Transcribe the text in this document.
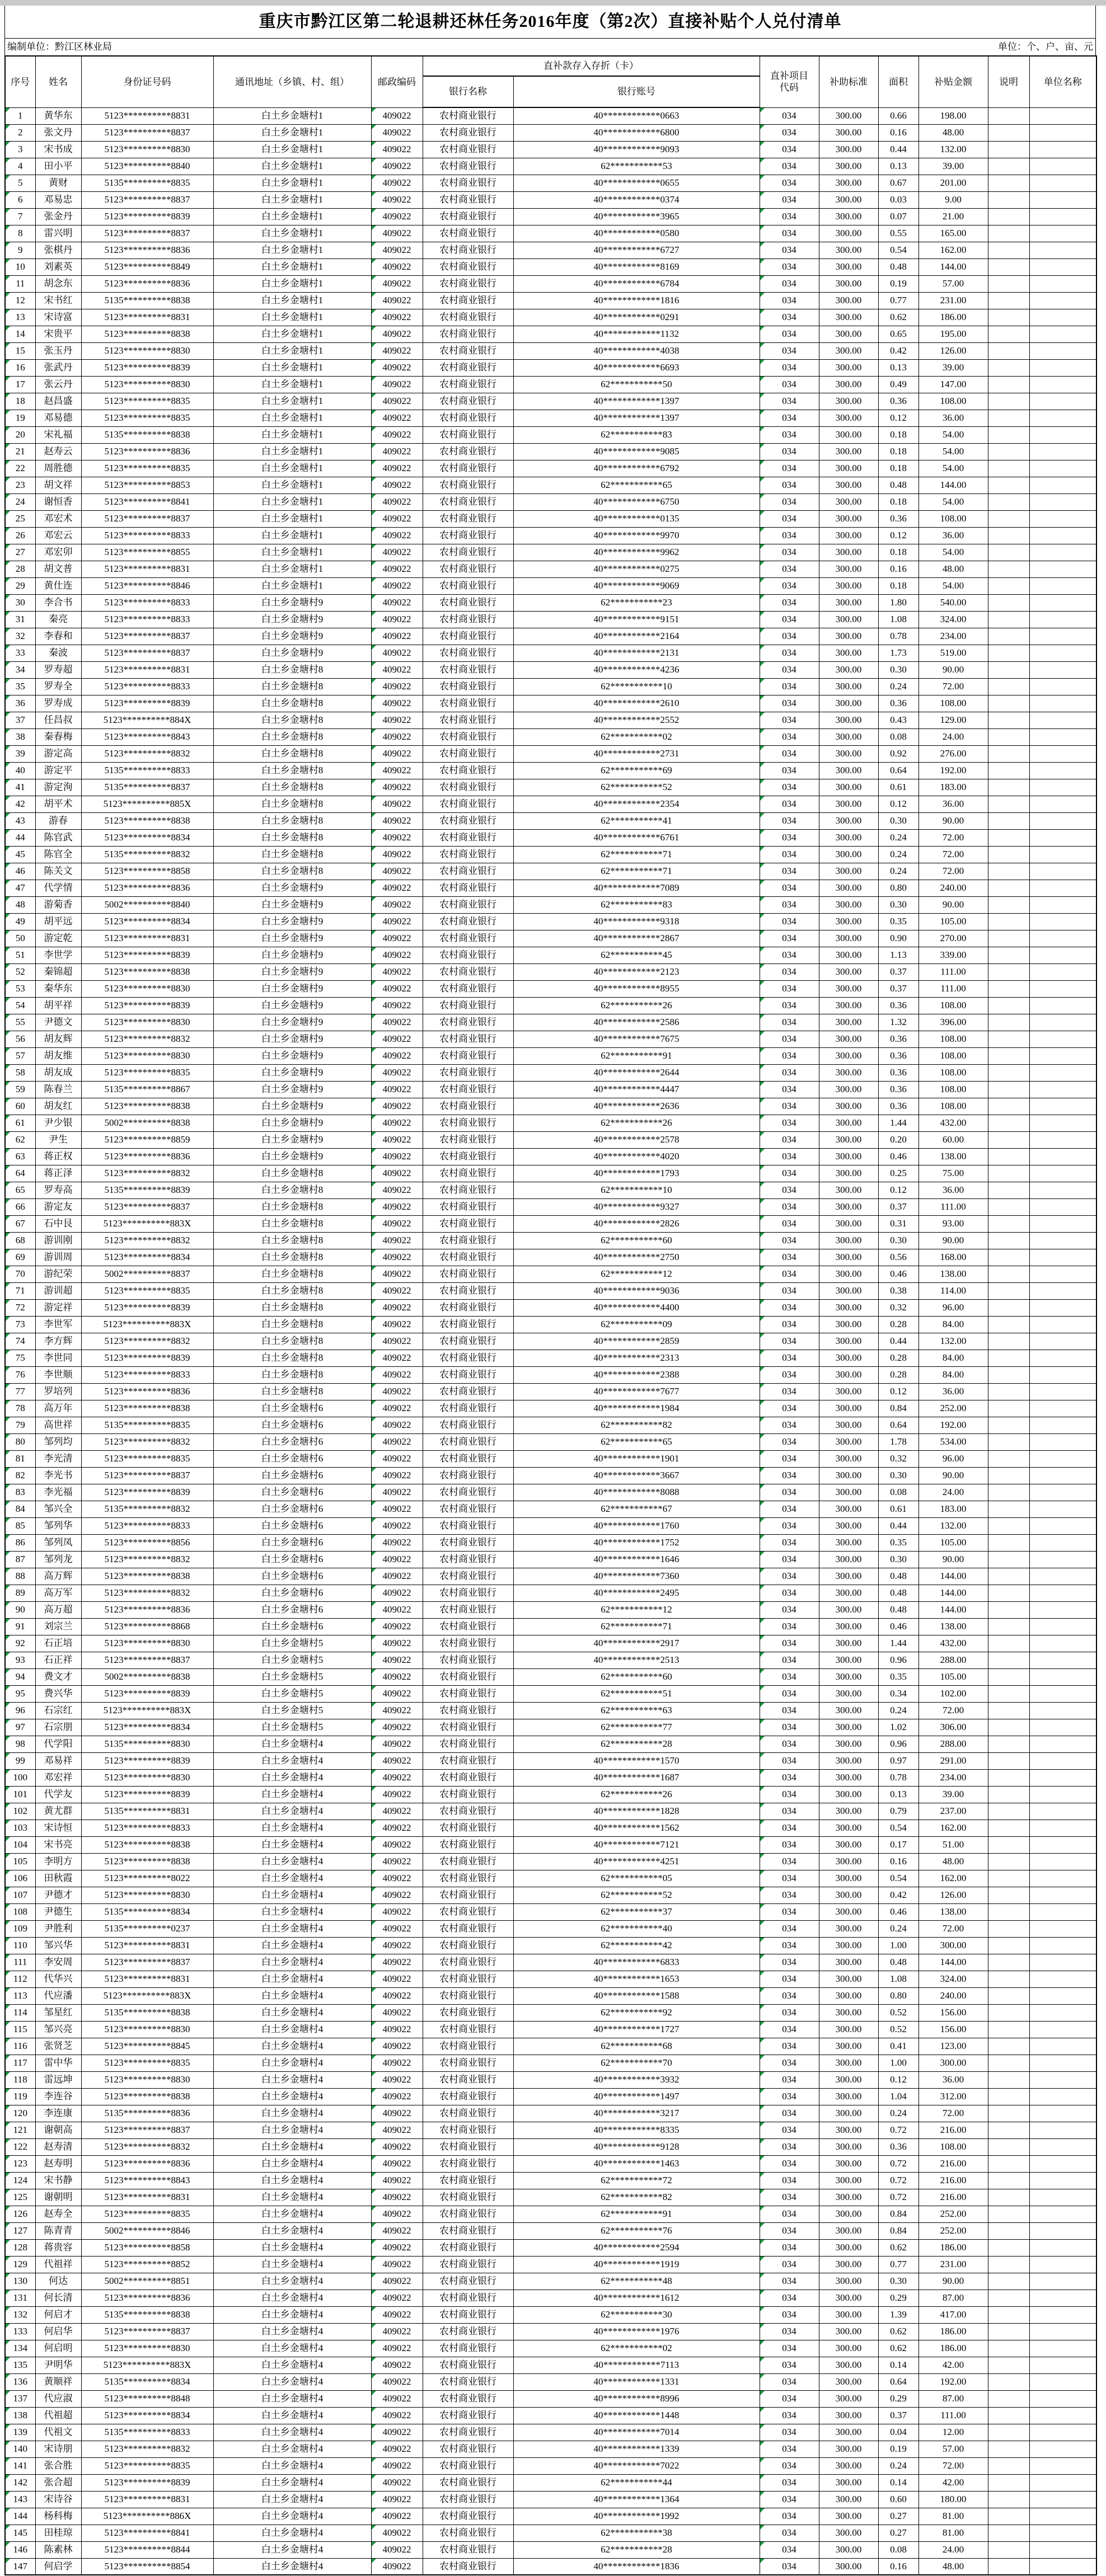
重庆市黔江区第二轮退耕还林任务2016年度（第2次）直接补贴个人兑付清单
编制单位：黔江区林业局	单位：个、户、亩、元
序号	姓名	身份证号码	通讯地址（乡镇、村、组）	邮政编码	直补款存入存折（卡）		直补项目代码	补助标准	面积	补贴金额	说明	单位名称
					银行名称	银行账号						
1	黄华东	5123**********8831	白土乡金塘村1	409022	农村商业银行	40************0663	034	300.00	0.66	198.00		
2	张文丹	5123**********8837	白土乡金塘村1	409022	农村商业银行	40************6800	034	300.00	0.16	48.00		
3	宋书成	5123**********8830	白土乡金塘村1	409022	农村商业银行	40************9093	034	300.00	0.44	132.00		
4	田小平	5123**********8840	白土乡金塘村1	409022	农村商业银行	62***********53	034	300.00	0.13	39.00		
5	黄财	5135**********8835	白土乡金塘村1	409022	农村商业银行	40************0655	034	300.00	0.67	201.00		
6	邓易忠	5123**********8837	白土乡金塘村1	409022	农村商业银行	40************0374	034	300.00	0.03	9.00		
7	张金丹	5123**********8839	白土乡金塘村1	409022	农村商业银行	40************3965	034	300.00	0.07	21.00		
8	雷兴明	5123**********8837	白土乡金塘村1	409022	农村商业银行	40************0580	034	300.00	0.55	165.00		
9	张棋丹	5123**********8836	白土乡金塘村1	409022	农村商业银行	40************6727	034	300.00	0.54	162.00		
10	刘素英	5123**********8849	白土乡金塘村1	409022	农村商业银行	40************8169	034	300.00	0.48	144.00		
11	胡念东	5123**********8836	白土乡金塘村1	409022	农村商业银行	40************6784	034	300.00	0.19	57.00		
12	宋书红	5135**********8838	白土乡金塘村1	409022	农村商业银行	40************1816	034	300.00	0.77	231.00		
13	宋诗富	5123**********8831	白土乡金塘村1	409022	农村商业银行	40************0291	034	300.00	0.62	186.00		
14	宋贵平	5123**********8838	白土乡金塘村1	409022	农村商业银行	40************1132	034	300.00	0.65	195.00		
15	张玉丹	5123**********8830	白土乡金塘村1	409022	农村商业银行	40************4038	034	300.00	0.42	126.00		
16	张武丹	5123**********8839	白土乡金塘村1	409022	农村商业银行	40************6693	034	300.00	0.13	39.00		
17	张云丹	5123**********8830	白土乡金塘村1	409022	农村商业银行	62***********50	034	300.00	0.49	147.00		
18	赵昌盛	5123**********8835	白土乡金塘村1	409022	农村商业银行	40************1397	034	300.00	0.36	108.00		
19	邓易德	5123**********8835	白土乡金塘村1	409022	农村商业银行	40************1397	034	300.00	0.12	36.00		
20	宋礼福	5135**********8838	白土乡金塘村1	409022	农村商业银行	62***********83	034	300.00	0.18	54.00		
21	赵寿云	5123**********8836	白土乡金塘村1	409022	农村商业银行	40************9085	034	300.00	0.18	54.00		
22	周胜德	5123**********8835	白土乡金塘村1	409022	农村商业银行	40************6792	034	300.00	0.18	54.00		
23	胡文祥	5123**********8853	白土乡金塘村1	409022	农村商业银行	62***********65	034	300.00	0.48	144.00		
24	谢恒香	5123**********8841	白土乡金塘村1	409022	农村商业银行	40************6750	034	300.00	0.18	54.00		
25	邓宏术	5123**********8837	白土乡金塘村1	409022	农村商业银行	40************0135	034	300.00	0.36	108.00		
26	邓宏云	5123**********8833	白土乡金塘村1	409022	农村商业银行	40************9970	034	300.00	0.12	36.00		
27	邓宏卯	5123**********8855	白土乡金塘村1	409022	农村商业银行	40************9962	034	300.00	0.18	54.00		
28	胡文普	5123**********8831	白土乡金塘村1	409022	农村商业银行	40************0275	034	300.00	0.16	48.00		
29	黄仕连	5123**********8846	白土乡金塘村1	409022	农村商业银行	40************9069	034	300.00	0.18	54.00		
30	李合书	5123**********8833	白土乡金塘村9	409022	农村商业银行	62***********23	034	300.00	1.80	540.00		
31	秦亮	5123**********8833	白土乡金塘村9	409022	农村商业银行	40************9151	034	300.00	1.08	324.00		
32	李春和	5123**********8837	白土乡金塘村9	409022	农村商业银行	40************2164	034	300.00	0.78	234.00		
33	秦波	5123**********8837	白土乡金塘村9	409022	农村商业银行	40************2131	034	300.00	1.73	519.00		
34	罗寿超	5123**********8831	白土乡金塘村8	409022	农村商业银行	40************4236	034	300.00	0.30	90.00		
35	罗寿全	5123**********8833	白土乡金塘村8	409022	农村商业银行	62***********10	034	300.00	0.24	72.00		
36	罗寿成	5123**********8839	白土乡金塘村8	409022	农村商业银行	40************2610	034	300.00	0.36	108.00		
37	任昌叔	5123**********884X	白土乡金塘村8	409022	农村商业银行	40************2552	034	300.00	0.43	129.00		
38	秦春梅	5123**********8843	白土乡金塘村8	409022	农村商业银行	62***********02	034	300.00	0.08	24.00		
39	游定高	5123**********8832	白土乡金塘村8	409022	农村商业银行	40************2731	034	300.00	0.92	276.00		
40	游定平	5135**********8833	白土乡金塘村8	409022	农村商业银行	62***********69	034	300.00	0.64	192.00		
41	游定洵	5135**********8837	白土乡金塘村8	409022	农村商业银行	62***********52	034	300.00	0.61	183.00		
42	胡平术	5123**********885X	白土乡金塘村8	409022	农村商业银行	40************2354	034	300.00	0.12	36.00		
43	游春	5123**********8838	白土乡金塘村8	409022	农村商业银行	62***********41	034	300.00	0.30	90.00		
44	陈官武	5123**********8834	白土乡金塘村8	409022	农村商业银行	40************6761	034	300.00	0.24	72.00		
45	陈官全	5135**********8832	白土乡金塘村8	409022	农村商业银行	62***********71	034	300.00	0.24	72.00		
46	陈关文	5123**********8858	白土乡金塘村8	409022	农村商业银行	62***********71	034	300.00	0.24	72.00		
47	代学情	5123**********8836	白土乡金塘村9	409022	农村商业银行	40************7089	034	300.00	0.80	240.00		
48	游菊香	5002**********8840	白土乡金塘村9	409022	农村商业银行	62***********83	034	300.00	0.30	90.00		
49	胡平远	5123**********8834	白土乡金塘村9	409022	农村商业银行	40************9318	034	300.00	0.35	105.00		
50	游定乾	5123**********8831	白土乡金塘村9	409022	农村商业银行	40************2867	034	300.00	0.90	270.00		
51	李世学	5123**********8839	白土乡金塘村9	409022	农村商业银行	62***********45	034	300.00	1.13	339.00		
52	秦锦超	5123**********8838	白土乡金塘村9	409022	农村商业银行	40************2123	034	300.00	0.37	111.00		
53	秦华东	5123**********8830	白土乡金塘村9	409022	农村商业银行	40************8955	034	300.00	0.37	111.00		
54	胡平祥	5123**********8839	白土乡金塘村9	409022	农村商业银行	62***********26	034	300.00	0.36	108.00		
55	尹德文	5123**********8830	白土乡金塘村9	409022	农村商业银行	40************2586	034	300.00	1.32	396.00		
56	胡友辉	5123**********8832	白土乡金塘村9	409022	农村商业银行	40************7675	034	300.00	0.36	108.00		
57	胡友维	5123**********8830	白土乡金塘村9	409022	农村商业银行	62***********91	034	300.00	0.36	108.00		
58	胡友成	5123**********8835	白土乡金塘村9	409022	农村商业银行	40************2644	034	300.00	0.36	108.00		
59	陈春兰	5135**********8867	白土乡金塘村9	409022	农村商业银行	40************4447	034	300.00	0.36	108.00		
60	胡友红	5123**********8838	白土乡金塘村9	409022	农村商业银行	40************2636	034	300.00	0.36	108.00		
61	尹少银	5002**********8838	白土乡金塘村9	409022	农村商业银行	62***********26	034	300.00	1.44	432.00		
62	尹生	5123**********8859	白土乡金塘村9	409022	农村商业银行	40************2578	034	300.00	0.20	60.00		
63	蒋正权	5123**********8836	白土乡金塘村9	409022	农村商业银行	40************4020	034	300.00	0.46	138.00		
64	蒋正泽	5123**********8832	白土乡金塘村8	409022	农村商业银行	40************1793	034	300.00	0.25	75.00		
65	罗寿高	5135**********8839	白土乡金塘村8	409022	农村商业银行	62***********10	034	300.00	0.12	36.00		
66	游定友	5123**********8837	白土乡金塘村8	409022	农村商业银行	40************9327	034	300.00	0.37	111.00		
67	石中艮	5123**********883X	白土乡金塘村8	409022	农村商业银行	40************2826	034	300.00	0.31	93.00		
68	游训刚	5123**********8832	白土乡金塘村8	409022	农村商业银行	62***********60	034	300.00	0.30	90.00		
69	游训周	5123**********8834	白土乡金塘村8	409022	农村商业银行	40************2750	034	300.00	0.56	168.00		
70	游纪荣	5002**********8837	白土乡金塘村8	409022	农村商业银行	62***********12	034	300.00	0.46	138.00		
71	游训超	5123**********8835	白土乡金塘村8	409022	农村商业银行	40************9036	034	300.00	0.38	114.00		
72	游定祥	5123**********8839	白土乡金塘村8	409022	农村商业银行	40************4400	034	300.00	0.32	96.00		
73	李世军	5123**********883X	白土乡金塘村8	409022	农村商业银行	62***********09	034	300.00	0.28	84.00		
74	李方辉	5123**********8832	白土乡金塘村8	409022	农村商业银行	40************2859	034	300.00	0.44	132.00		
75	李世同	5123**********8839	白土乡金塘村8	409022	农村商业银行	40************2313	034	300.00	0.28	84.00		
76	李世顺	5123**********8833	白土乡金塘村8	409022	农村商业银行	40************2388	034	300.00	0.28	84.00		
77	罗培列	5123**********8836	白土乡金塘村8	409022	农村商业银行	40************7677	034	300.00	0.12	36.00		
78	高万年	5123**********8838	白土乡金塘村6	409022	农村商业银行	40************1984	034	300.00	0.84	252.00		
79	高世祥	5135**********8835	白土乡金塘村6	409022	农村商业银行	62***********82	034	300.00	0.64	192.00		
80	邹列均	5123**********8832	白土乡金塘村6	409022	农村商业银行	62***********65	034	300.00	1.78	534.00		
81	李光清	5123**********8835	白土乡金塘村6	409022	农村商业银行	40************1901	034	300.00	0.32	96.00		
82	李光书	5123**********8837	白土乡金塘村6	409022	农村商业银行	40************3667	034	300.00	0.30	90.00		
83	李光福	5123**********8839	白土乡金塘村6	409022	农村商业银行	40************8088	034	300.00	0.08	24.00		
84	邹兴全	5135**********8832	白土乡金塘村6	409022	农村商业银行	62***********67	034	300.00	0.61	183.00		
85	邹列华	5123**********8833	白土乡金塘村6	409022	农村商业银行	40************1760	034	300.00	0.44	132.00		
86	邹列凤	5123**********8856	白土乡金塘村6	409022	农村商业银行	40************1752	034	300.00	0.35	105.00		
87	邹列龙	5123**********8832	白土乡金塘村6	409022	农村商业银行	40************1646	034	300.00	0.30	90.00		
88	高万辉	5123**********8838	白土乡金塘村6	409022	农村商业银行	40************7360	034	300.00	0.48	144.00		
89	高万军	5123**********8832	白土乡金塘村6	409022	农村商业银行	40************2495	034	300.00	0.48	144.00		
90	高万超	5123**********8836	白土乡金塘村6	409022	农村商业银行	62***********12	034	300.00	0.48	144.00		
91	刘宗兰	5123**********8868	白土乡金塘村6	409022	农村商业银行	62***********71	034	300.00	0.46	138.00		
92	石正培	5123**********8830	白土乡金塘村5	409022	农村商业银行	40************2917	034	300.00	1.44	432.00		
93	石正祥	5123**********8837	白土乡金塘村5	409022	农村商业银行	40************2513	034	300.00	0.96	288.00		
94	费文才	5002**********8838	白土乡金塘村5	409022	农村商业银行	62***********60	034	300.00	0.35	105.00		
95	费兴华	5123**********8839	白土乡金塘村5	409022	农村商业银行	62***********51	034	300.00	0.34	102.00		
96	石宗红	5123**********883X	白土乡金塘村5	409022	农村商业银行	62***********63	034	300.00	0.24	72.00		
97	石宗朋	5123**********8834	白土乡金塘村5	409022	农村商业银行	62***********77	034	300.00	1.02	306.00		
98	代学阳	5135**********8830	白土乡金塘村4	409022	农村商业银行	62***********28	034	300.00	0.96	288.00		
99	邓易祥	5123**********8839	白土乡金塘村4	409022	农村商业银行	40************1570	034	300.00	0.97	291.00		
100	邓宏祥	5123**********8830	白土乡金塘村4	409022	农村商业银行	40************1687	034	300.00	0.78	234.00		
101	代学友	5123**********8839	白土乡金塘村4	409022	农村商业银行	62***********26	034	300.00	0.13	39.00		
102	黄尤群	5135**********8831	白土乡金塘村4	409022	农村商业银行	40************1828	034	300.00	0.79	237.00		
103	宋诗恒	5123**********8833	白土乡金塘村4	409022	农村商业银行	40************1562	034	300.00	0.54	162.00		
104	宋书亮	5123**********8838	白土乡金塘村4	409022	农村商业银行	40************7121	034	300.00	0.17	51.00		
105	李明方	5123**********8838	白土乡金塘村4	409022	农村商业银行	40************4251	034	300.00	0.16	48.00		
106	田秋霞	5123**********8022	白土乡金塘村4	409022	农村商业银行	62***********05	034	300.00	0.54	162.00		
107	尹德才	5123**********8830	白土乡金塘村4	409022	农村商业银行	62***********52	034	300.00	0.42	126.00		
108	尹德生	5135**********8834	白土乡金塘村4	409022	农村商业银行	62***********37	034	300.00	0.46	138.00		
109	尹胜利	5135**********0237	白土乡金塘村4	409022	农村商业银行	62***********40	034	300.00	0.24	72.00		
110	邹兴华	5123**********8831	白土乡金塘村4	409022	农村商业银行	62***********42	034	300.00	1.00	300.00		
111	李安周	5123**********8837	白土乡金塘村4	409022	农村商业银行	40************6833	034	300.00	0.48	144.00		
112	代华兴	5123**********8831	白土乡金塘村4	409022	农村商业银行	40************1653	034	300.00	1.08	324.00		
113	代应潘	5123**********883X	白土乡金塘村4	409022	农村商业银行	40************1588	034	300.00	0.80	240.00		
114	邹星红	5135**********8838	白土乡金塘村4	409022	农村商业银行	62***********92	034	300.00	0.52	156.00		
115	邹兴亮	5123**********8830	白土乡金塘村4	409022	农村商业银行	40************1727	034	300.00	0.52	156.00		
116	张贤芝	5123**********8845	白土乡金塘村4	409022	农村商业银行	62***********68	034	300.00	0.41	123.00		
117	雷中华	5123**********8835	白土乡金塘村4	409022	农村商业银行	62***********70	034	300.00	1.00	300.00		
118	雷远坤	5123**********8830	白土乡金塘村4	409022	农村商业银行	40************3932	034	300.00	0.12	36.00		
119	李连谷	5123**********8838	白土乡金塘村4	409022	农村商业银行	40************1497	034	300.00	1.04	312.00		
120	李连康	5135**********8836	白土乡金塘村4	409022	农村商业银行	40************3217	034	300.00	0.24	72.00		
121	谢朝高	5123**********8837	白土乡金塘村4	409022	农村商业银行	40************8335	034	300.00	0.72	216.00		
122	赵寿清	5123**********8832	白土乡金塘村4	409022	农村商业银行	40************9128	034	300.00	0.36	108.00		
123	赵寿明	5123**********8836	白土乡金塘村4	409022	农村商业银行	40************1463	034	300.00	0.72	216.00		
124	宋书静	5123**********8843	白土乡金塘村4	409022	农村商业银行	62***********72	034	300.00	0.72	216.00		
125	谢朝明	5123**********8831	白土乡金塘村4	409022	农村商业银行	62***********82	034	300.00	0.72	216.00		
126	赵寿全	5123**********8835	白土乡金塘村4	409022	农村商业银行	62***********91	034	300.00	0.84	252.00		
127	陈青青	5002**********8846	白土乡金塘村4	409022	农村商业银行	62***********76	034	300.00	0.84	252.00		
128	蒋贵容	5123**********8858	白土乡金塘村4	409022	农村商业银行	40************2594	034	300.00	0.62	186.00		
129	代祖祥	5123**********8852	白土乡金塘村4	409022	农村商业银行	40************1919	034	300.00	0.77	231.00		
130	何达	5002**********8851	白土乡金塘村4	409022	农村商业银行	62***********48	034	300.00	0.30	90.00		
131	何长清	5123**********8836	白土乡金塘村4	409022	农村商业银行	40************1612	034	300.00	0.29	87.00		
132	何启才	5135**********8838	白土乡金塘村4	409022	农村商业银行	62***********30	034	300.00	1.39	417.00		
133	何启华	5123**********8837	白土乡金塘村4	409022	农村商业银行	40************1976	034	300.00	0.62	186.00		
134	何启明	5123**********8830	白土乡金塘村4	409022	农村商业银行	62***********02	034	300.00	0.62	186.00		
135	尹明华	5123**********883X	白土乡金塘村4	409022	农村商业银行	40************7113	034	300.00	0.14	42.00		
136	黄顺祥	5135**********8834	白土乡金塘村4	409022	农村商业银行	40************1331	034	300.00	0.64	192.00		
137	代应淑	5123**********8848	白土乡金塘村4	409022	农村商业银行	40************8996	034	300.00	0.29	87.00		
138	代祖超	5123**********8834	白土乡金塘村4	409022	农村商业银行	40************1448	034	300.00	0.37	111.00		
139	代祖文	5135**********8833	白土乡金塘村4	409022	农村商业银行	40************7014	034	300.00	0.04	12.00		
140	宋诗朋	5123**********8832	白土乡金塘村4	409022	农村商业银行	40************1339	034	300.00	0.19	57.00		
141	张合胜	5123**********8835	白土乡金塘村4	409022	农村商业银行	40************7022	034	300.00	0.24	72.00		
142	张合超	5123**********8839	白土乡金塘村4	409022	农村商业银行	62***********44	034	300.00	0.14	42.00		
143	宋诗谷	5123**********8831	白土乡金塘村4	409022	农村商业银行	40************1364	034	300.00	0.60	180.00		
144	杨科梅	5123**********886X	白土乡金塘村4	409022	农村商业银行	40************1992	034	300.00	0.27	81.00		
145	田桂琼	5123**********8841	白土乡金塘村4	409022	农村商业银行	62***********38	034	300.00	0.27	81.00		
146	陈素林	5123**********8844	白土乡金塘村4	409022	农村商业银行	62***********28	034	300.00	0.08	24.00		
147	何启学	5123**********8854	白土乡金塘村4	409022	农村商业银行	40************1836	034	300.00	0.16	48.00		
